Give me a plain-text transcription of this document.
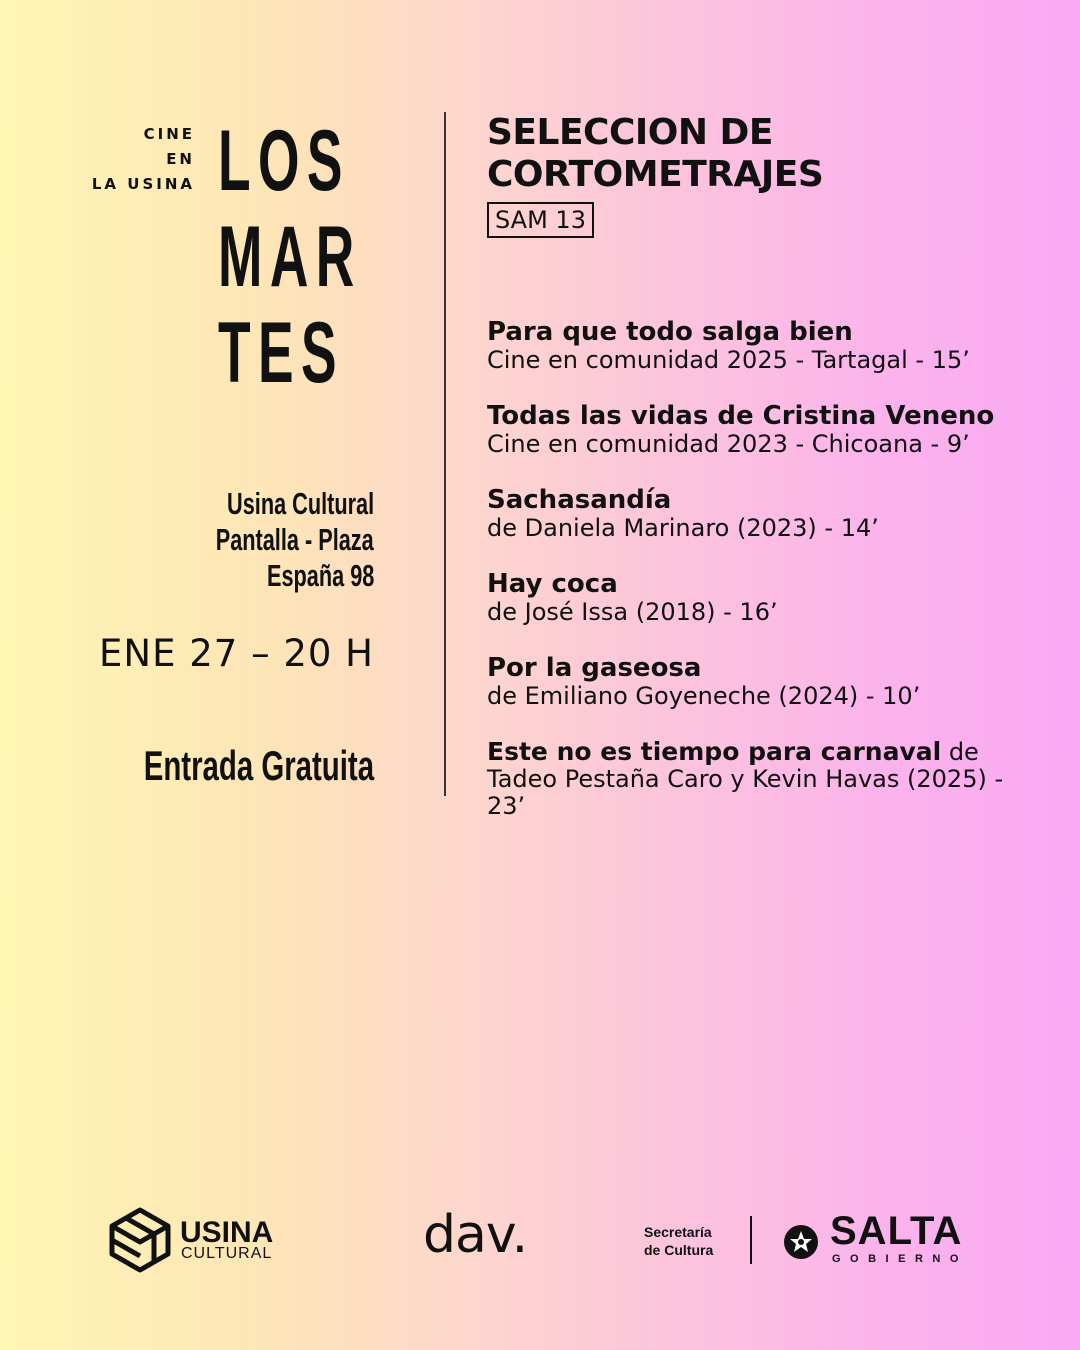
CINE
EN
LA USINA LOS
MAR
TES
Usina Cultural
Pantalla - Plaza
España 98
ENE 27 – 20 H
Entrada Gratuita
SELECCION DE
CORTOMETRAJES
SAM 13
Para que todo salga bien
Cine en comunidad 2025 - Tartagal - 15’
Todas las vidas de Cristina Veneno
Cine en comunidad 2023 - Chicoana - 9’
Sachasandía
de Daniela Marinaro (2023) - 14’
Hay coca
de José Issa (2018) - 16’
Por la gaseosa
de Emiliano Goyeneche (2024) - 10’
Este no es tiempo para carnaval de Tadeo Pestaña Caro y Kevin Havas (2025) - 23’
USINA
CULTURAL	dav.	Secretaría
de Cultura	SALTA
GOBIERNO
